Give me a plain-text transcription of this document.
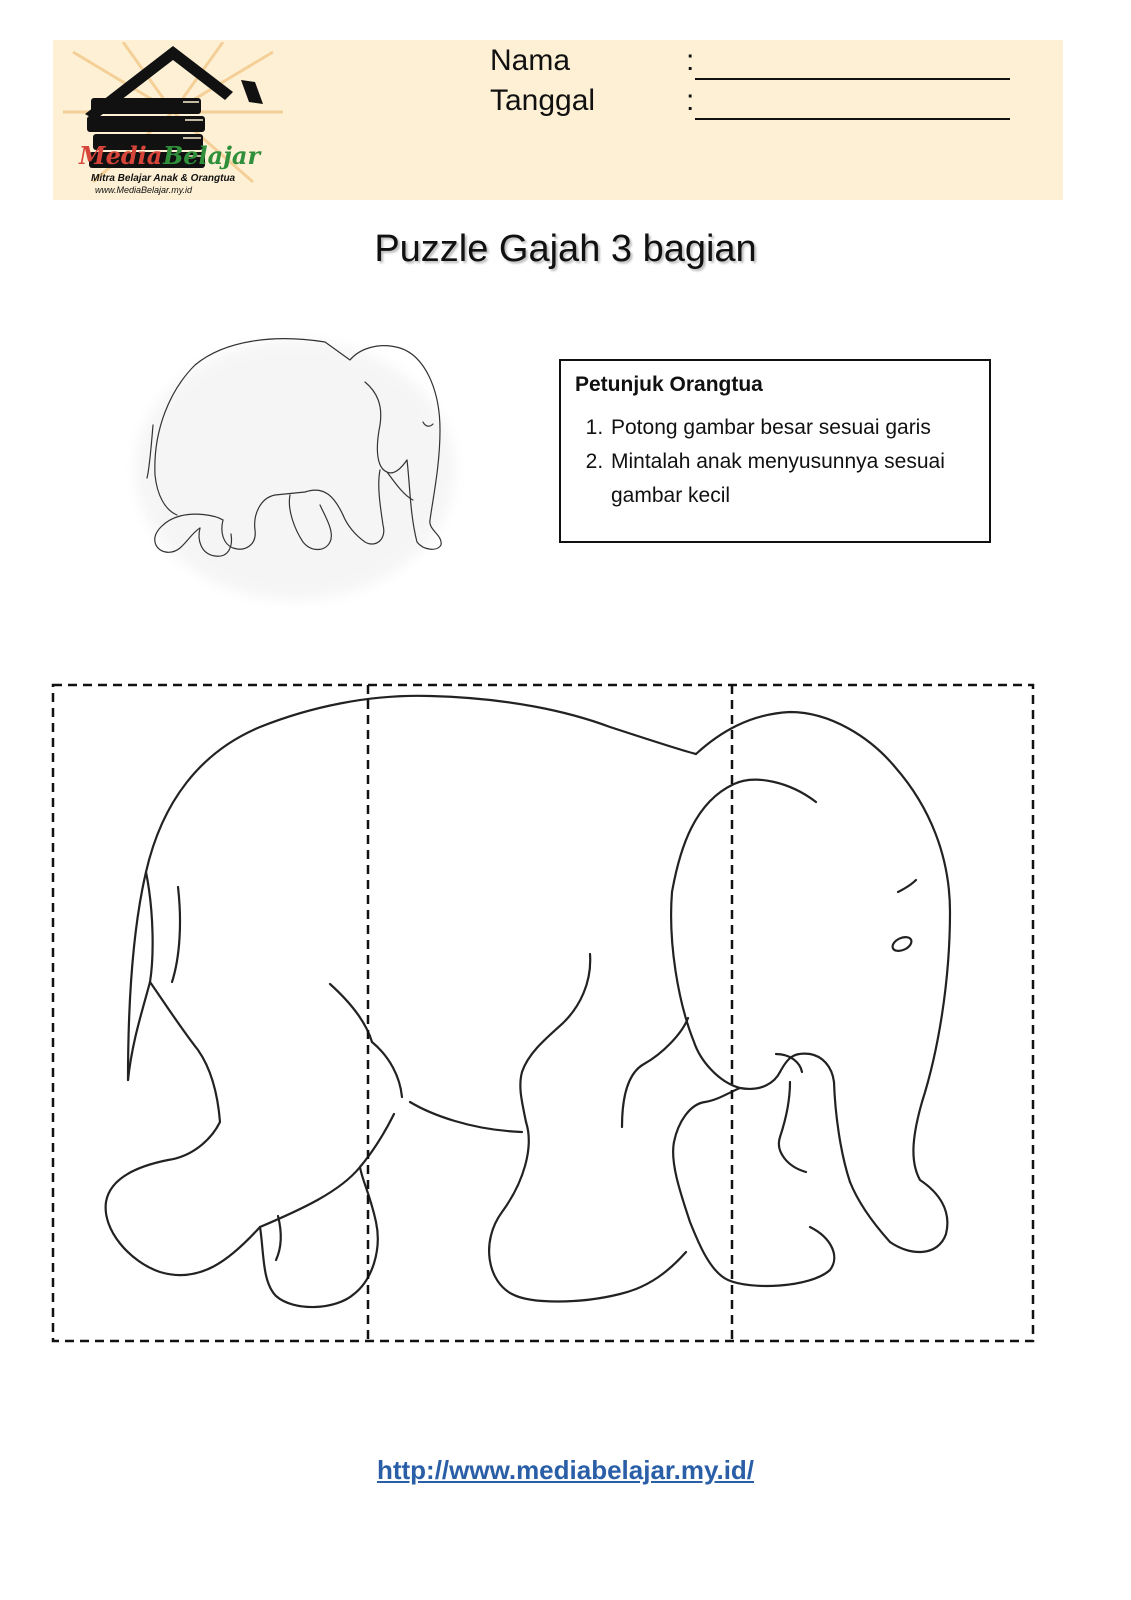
Media Belajar
Mitra Belajar Anak & Orangtua
www.MediaBelajar.my.id
Nama	:
Tanggal	:
Puzzle Gajah 3 bagian

Petunjuk Orangtua

1. Potong gambar besar sesuai garis
2. Mintalah anak menyusunnya sesuai gambar kecil
http://www.mediabelajar.my.id/
